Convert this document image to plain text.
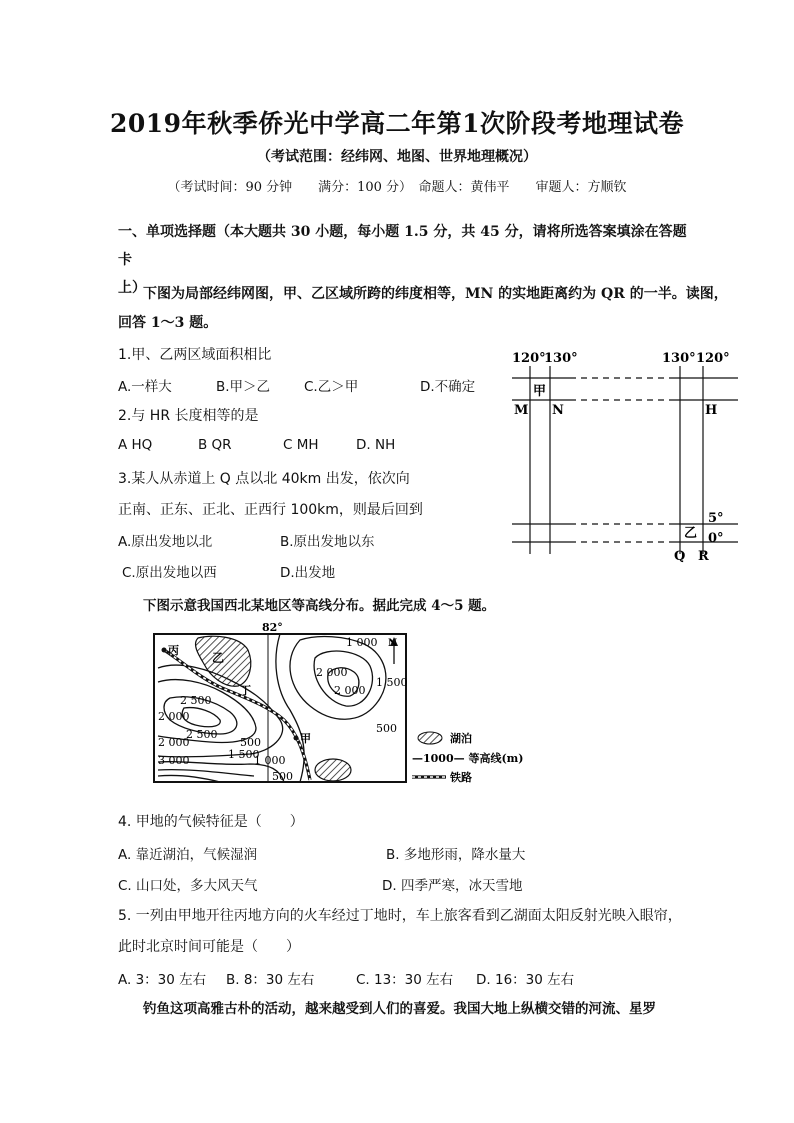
2019年秋季侨光中学高二年第1次阶段考地理试卷
（考试范围：经纬网、地图、世界地理概况）
（考试时间：90 分钟　　满分：100 分）　命题人：黄伟平　　审题人：方顺钦
一、单项选择题（本大题共 30 小题，每小题 1.5 分，共 45 分，请将所选答案填涂在答题卡
上）
下图为局部经纬网图，甲、乙区域所跨的纬度相等，MN 的实地距离约为 QR 的一半。读图，
回答 1～3 题。
1.甲、乙两区域面积相比
A.一样大	B.甲＞乙	C.乙＞甲	D.不确定
2.与 HR 长度相等的是
A HQ	B QR	C MH	D. NH
3.某人从赤道上 Q 点以北 40km 出发，依次向
正南、正东、正北、正西行 100km，则最后回到
A.原出发地以北	B.原出发地以东
C.原出发地以西	D.出发地
120°
130°	130° 120°
5°
0°
甲
乙
M N	H
Q R
下图示意我国西北某地区等高线分布。据此完成 4～5 题。
82°
N
丙
乙
丁
甲
1 000
2 000
2 000
1 500
2 500
2 000
2 500
2 000
1 500
3 000	1 000
500
500
500	湖泊
—1000— 等高线(m)
铁路
4. 甲地的气候特征是（　　）
A. 靠近湖泊，气候湿润	B. 多地形雨，降水量大
C. 山口处，多大风天气	D. 四季严寒，冰天雪地
5. 一列由甲地开往丙地方向的火车经过丁地时，车上旅客看到乙湖面太阳反射光映入眼帘，
此时北京时间可能是（　　）
A. 3：30 左右 B. 8：30 左右	C. 13：30 左右 D. 16：30 左右
钓鱼这项高雅古朴的活动，越来越受到人们的喜爱。我国大地上纵横交错的河流、星罗
